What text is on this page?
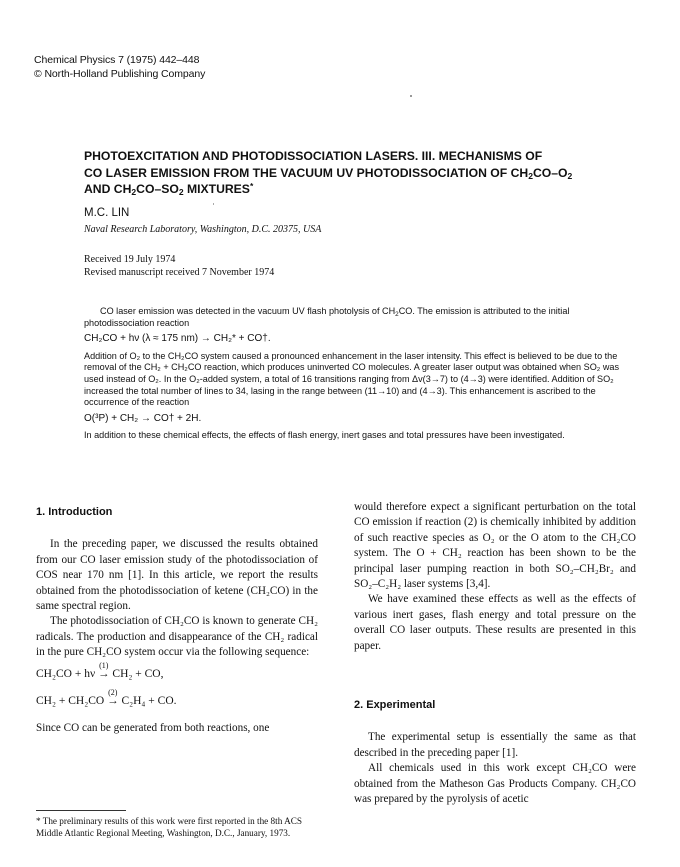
Chemical Physics 7 (1975) 442–448
© North-Holland Publishing Company
PHOTOEXCITATION AND PHOTODISSOCIATION LASERS. III. MECHANISMS OF
CO LASER EMISSION FROM THE VACUUM UV PHOTODISSOCIATION OF $CH_2CO-O_2$
AND $CH_2CO-SO_2$ MIXTURES*
M.C. LIN
Naval Research Laboratory, Washington, D.C. 20375, USA
Received 19 July 1974
Revised manuscript received 7 November 1974

CO laser emission was detected in the vacuum UV flash photolysis of $CH_2CO$. The emission is attributed to the initial photodissociation reaction

CH₂CO + hν (λ ≈ 175 nm) → CH₂* + CO†.

Addition of O₂ to the CH₂CO system caused a pronounced enhancement in the laser intensity. This effect is believed to be due to the removal of the CH₂ + CH₂CO reaction, which produces uninverted CO molecules. A greater laser output was obtained when SO₂ was used instead of O₂. In the O₂-added system, a total of 16 transitions ranging from Δv(3→7) to (4→3) were identified. Addition of SO₂ increased the total number of lines to 34, lasing in the range between (11→10) and (4→3). This enhancement is ascribed to the occurrence of the reaction

O(³P) + CH₂ → CO† + 2H.

In addition to these chemical effects, the effects of flash energy, inert gases and total pressures have been investigated.

1. Introduction

In the preceding paper, we discussed the results obtained from our CO laser emission study of the photodissociation of COS near 170 nm [1]. In this article, we report the results obtained from the photodissociation of ketene (CH₂CO) in the same spectral region.

The photodissociation of CH₂CO is known to generate CH₂ radicals. The production and disappearance of the CH₂ radical in the pure CH₂CO system occur via the following sequence:

CH₂CO + hν
(1)
→ CH₂ + CO,
CH₂ + CH₂CO
(2)
→ C₂H₄ + CO.

Since CO can be generated from both reactions, one

* The preliminary results of this work were first reported in the 8th ACS Middle Atlantic Regional Meeting, Washington, D.C., January, 1973.

would therefore expect a significant perturbation on the total CO emission if reaction (2) is chemically inhibited by addition of such reactive species as O₂ or the O atom to the CH₂CO system. The O + CH₂ reaction has been shown to be the principal laser pumping reaction in both SO₂–CH₂Br₂ and SO₂–C₂H₂ laser systems [3,4].

We have examined these effects as well as the effects of various inert gases, flash energy and total pressure on the overall CO laser outputs. These results are presented in this paper.

2. Experimental

The experimental setup is essentially the same as that described in the preceding paper [1].

All chemicals used in this work except CH₂CO were obtained from the Matheson Gas Products Company. CH₂CO was prepared by the pyrolysis of acetic
